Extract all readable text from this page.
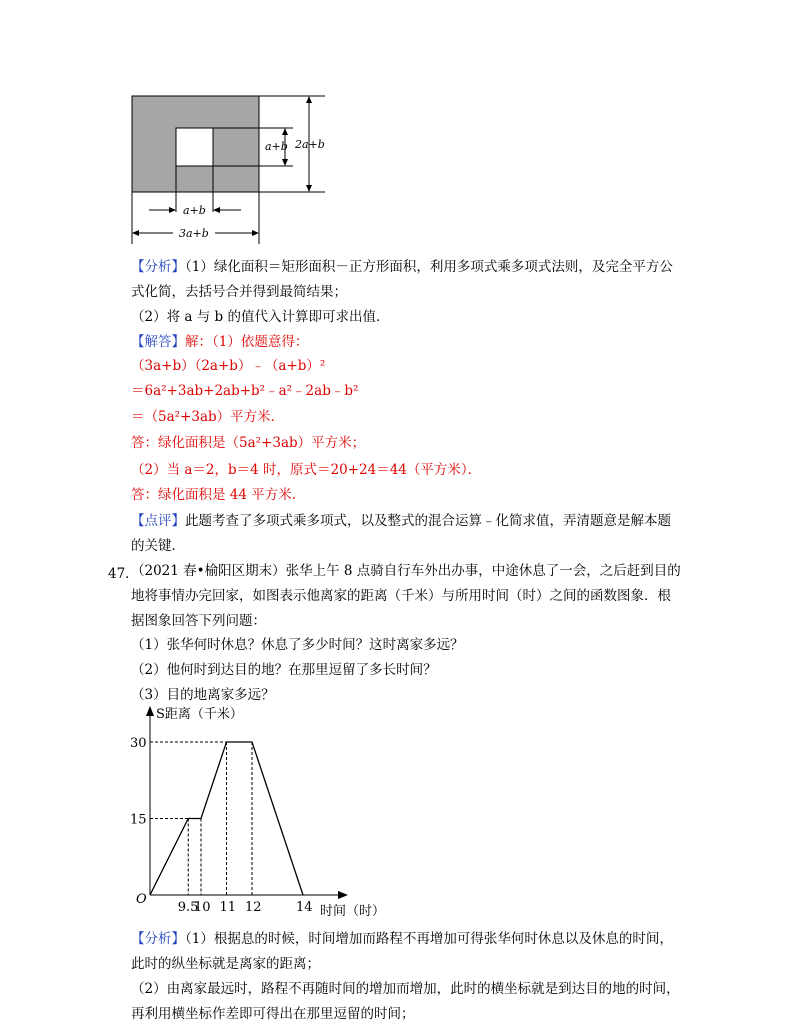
a+b 2a+b
a+b
3a+b
【分析】（1）绿化面积＝矩形面积－正方形面积，利用多项式乘多项式法则，及完全平方公
式化简，去括号合并得到最简结果；
（2）将 a 与 b 的值代入计算即可求出值．
【解答】解：（1）依题意得：
（3a+b）（2a+b）﹣（a+b）²
＝6a²+3ab+2ab+b²﹣a²﹣2ab﹣b²
＝（5a²+3ab）平方米．
答：绿化面积是（5a²+3ab）平方米；
（2）当 a＝2，b＝4 时，原式＝20+24＝44（平方米）．
答：绿化面积是 44 平方米．
【点评】此题考查了多项式乘多项式，以及整式的混合运算﹣化简求值，弄清题意是解本题
的关键．
47．
（2021 春•榆阳区期末）张华上午 8 点骑自行车外出办事，中途休息了一会，之后赶到目的
地将事情办完回家，如图表示他离家的距离（千米）与所用时间（时）之间的函数图象．根
据图象回答下列问题：
（1）张华何时休息？休息了多少时间？这时离家多远？
（2）他何时到达目的地？在那里逗留了多长时间？
（3）目的地离家多远？
S距离（千米）
时间（时）
O
15
30
9.5
10 11 12	14
【分析】（1）根据息的时候，时间增加而路程不再增加可得张华何时休息以及休息的时间，
此时的纵坐标就是离家的距离；
（2）由离家最远时，路程不再随时间的增加而增加，此时的横坐标就是到达目的地的时间，
再利用横坐标作差即可得出在那里逗留的时间；
